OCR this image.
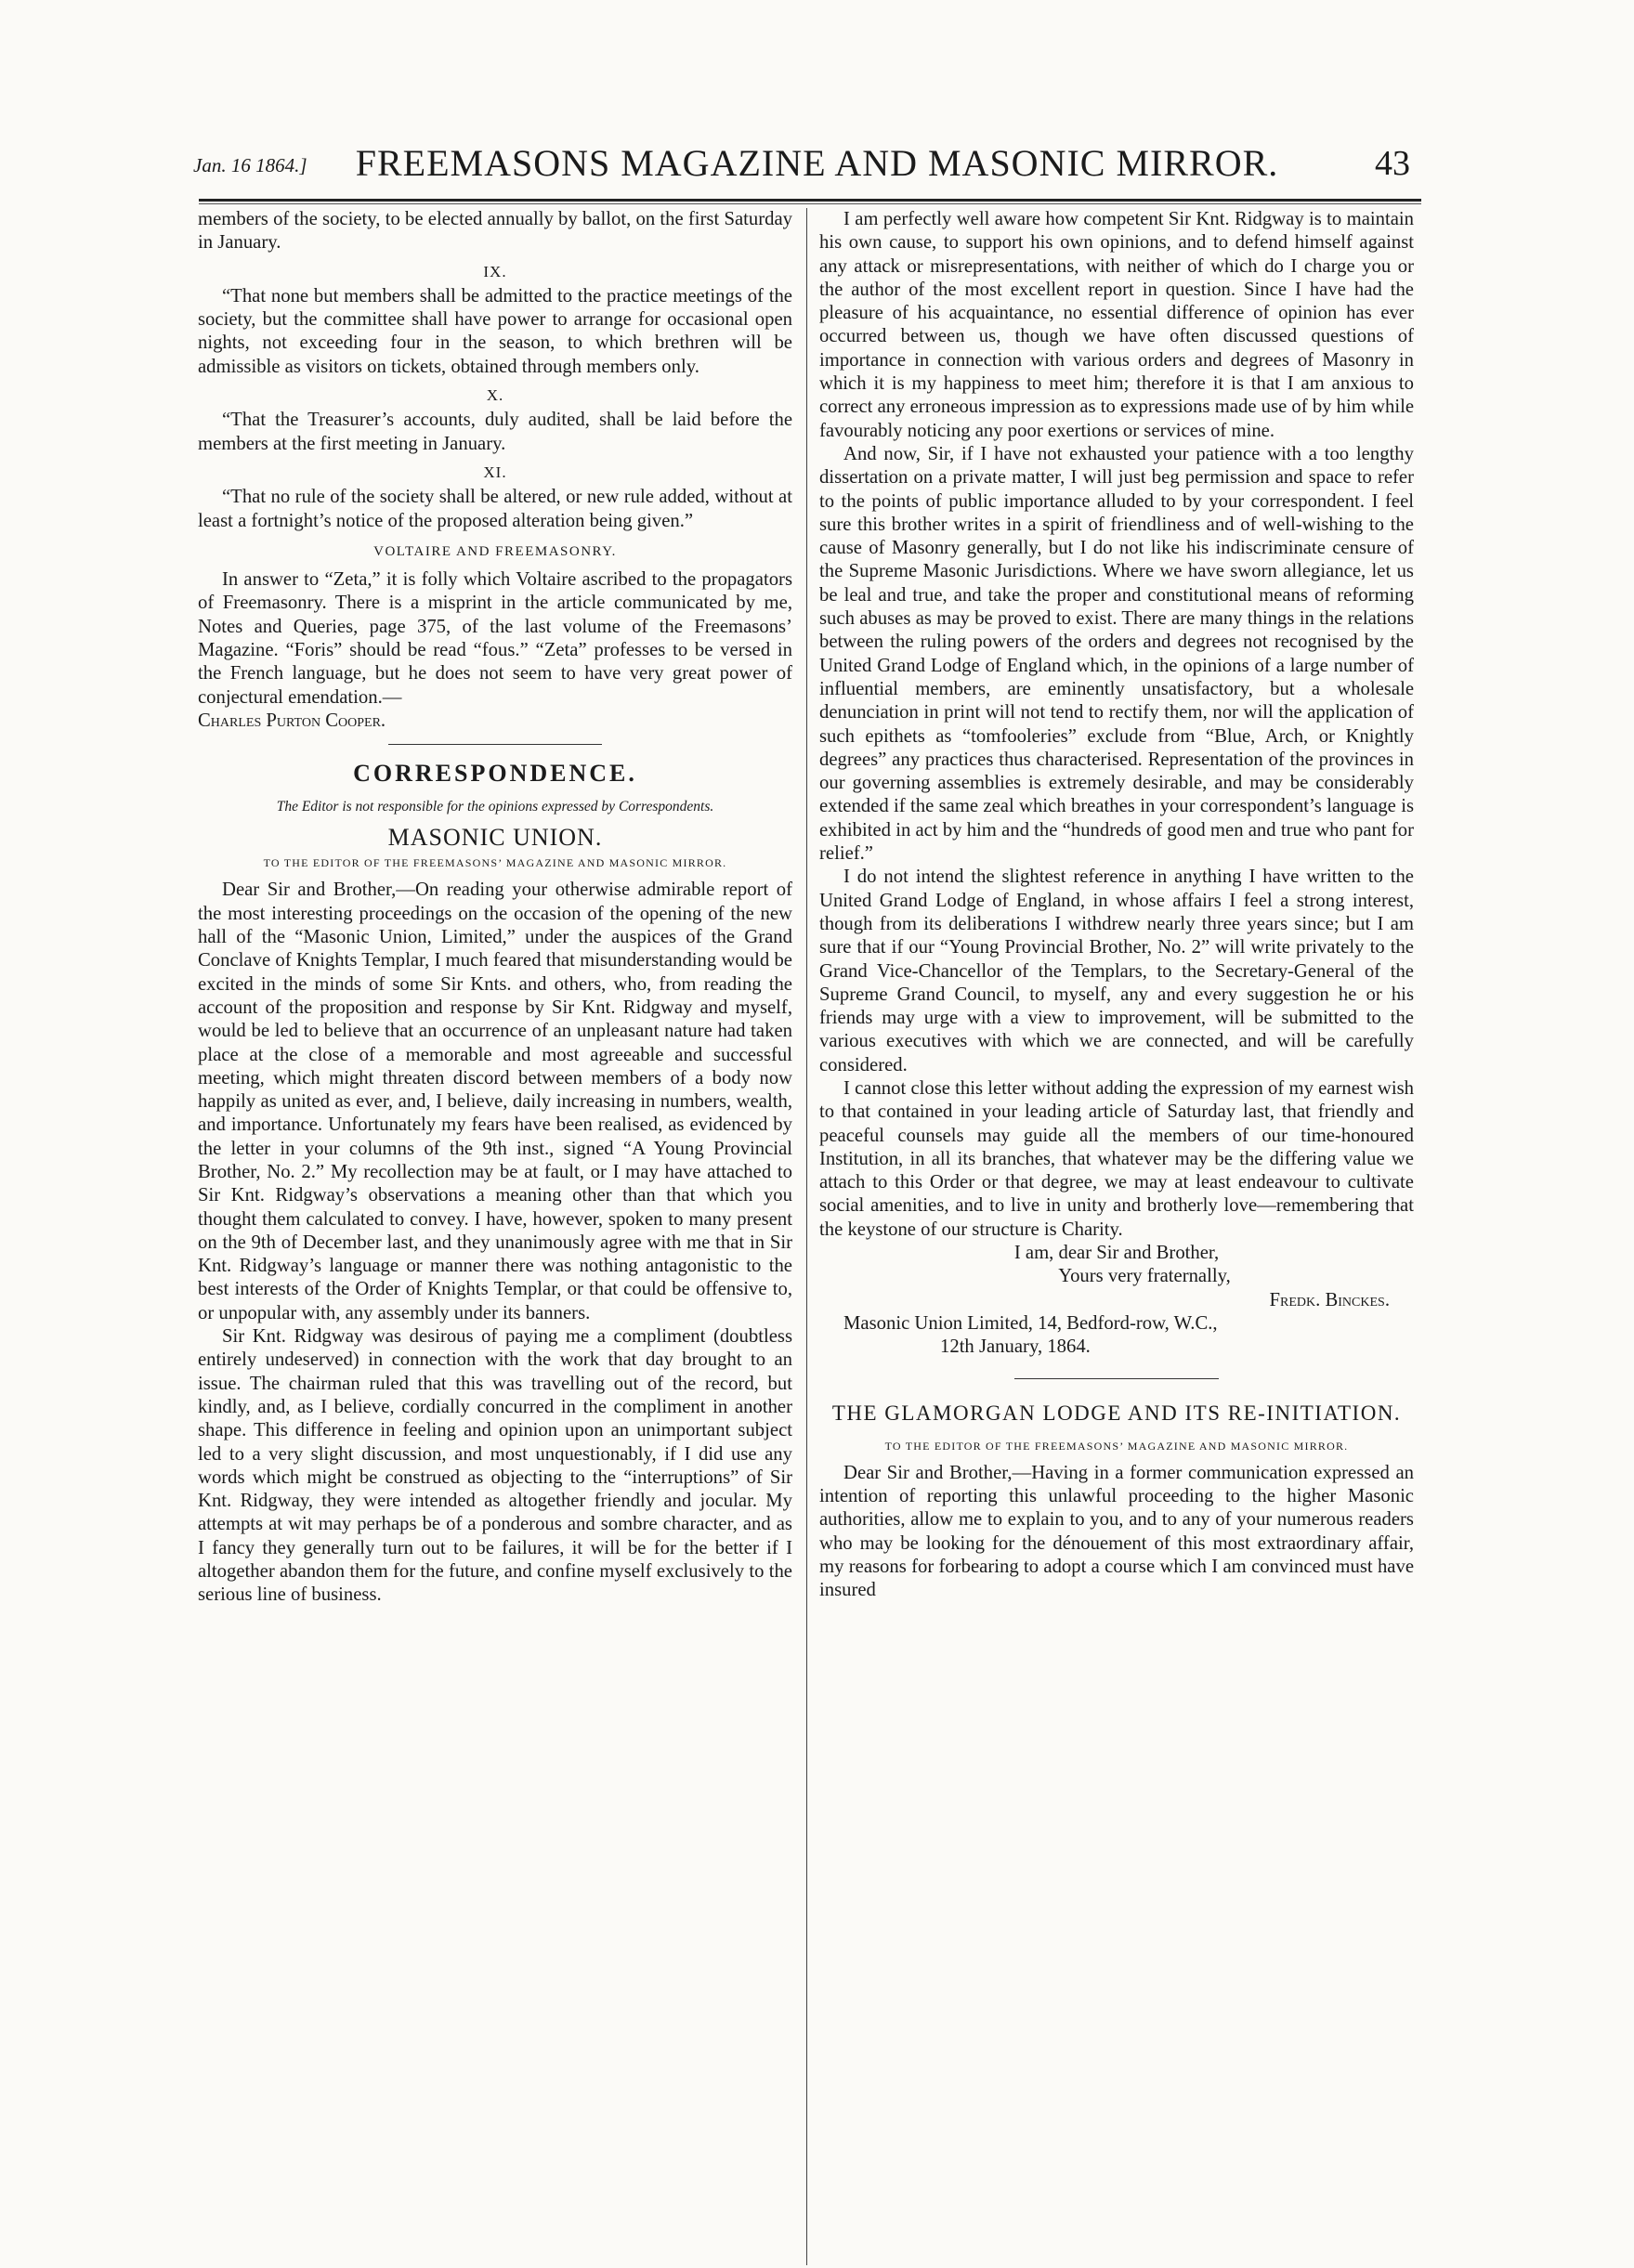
Jan. 16 1864.]	FREEMASONS MAGAZINE AND MASONIC MIRROR.	43

members of the society, to be elected annually by ballot, on the first Saturday in January.

IX.

“That none but members shall be admitted to the practice meetings of the society, but the committee shall have power to arrange for occasional open nights, not exceeding four in the season, to which brethren will be admissible as visitors on tickets, obtained through members only.

X.

“That the Treasurer’s accounts, duly audited, shall be laid before the members at the first meeting in January.

XI.

“That no rule of the society shall be altered, or new rule added, without at least a fortnight’s notice of the proposed alteration being given.”

VOLTAIRE AND FREEMASONRY.

In answer to “Zeta,” it is folly which Voltaire ascribed to the propagators of Freemasonry. There is a misprint in the article communicated by me, Notes and Queries, page 375, of the last volume of the Freemasons’ Magazine. “Foris” should be read “fous.” “Zeta” professes to be versed in the French language, but he does not seem to have very great power of conjectural emendation.—

Charles Purton Cooper.

CORRESPONDENCE.
The Editor is not responsible for the opinions expressed by Correspondents.
MASONIC UNION.
TO THE EDITOR OF THE FREEMASONS’ MAGAZINE AND MASONIC MIRROR.

Dear Sir and Brother,—On reading your otherwise admirable report of the most interesting proceedings on the occasion of the opening of the new hall of the “Masonic Union, Limited,” under the auspices of the Grand Conclave of Knights Templar, I much feared that misunderstanding would be excited in the minds of some Sir Knts. and others, who, from reading the account of the proposition and response by Sir Knt. Ridgway and myself, would be led to believe that an occurrence of an unpleasant nature had taken place at the close of a memorable and most agreeable and successful meeting, which might threaten discord between members of a body now happily as united as ever, and, I believe, daily increasing in numbers, wealth, and importance. Unfortunately my fears have been realised, as evidenced by the letter in your columns of the 9th inst., signed “A Young Provincial Brother, No. 2.” My recollection may be at fault, or I may have attached to Sir Knt. Ridgway’s observations a meaning other than that which you thought them calculated to convey. I have, however, spoken to many present on the 9th of December last, and they unanimously agree with me that in Sir Knt. Ridgway’s language or manner there was nothing antagonistic to the best interests of the Order of Knights Templar, or that could be offensive to, or unpopular with, any assembly under its banners.

Sir Knt. Ridgway was desirous of paying me a compliment (doubtless entirely undeserved) in connection with the work that day brought to an issue. The chairman ruled that this was travelling out of the record, but kindly, and, as I believe, cordially concurred in the compliment in another shape. This difference in feeling and opinion upon an unimportant subject led to a very slight discussion, and most unquestionably, if I did use any words which might be construed as objecting to the “interruptions” of Sir Knt. Ridgway, they were intended as altogether friendly and jocular. My attempts at wit may perhaps be of a ponderous and sombre character, and as I fancy they generally turn out to be failures, it will be for the better if I altogether abandon them for the future, and confine myself exclusively to the serious line of business.

I am perfectly well aware how competent Sir Knt. Ridgway is to maintain his own cause, to support his own opinions, and to defend himself against any attack or misrepresentations, with neither of which do I charge you or the author of the most excellent report in question. Since I have had the pleasure of his acquaintance, no essential difference of opinion has ever occurred between us, though we have often discussed questions of importance in connection with various orders and degrees of Masonry in which it is my happiness to meet him; therefore it is that I am anxious to correct any erroneous impression as to expressions made use of by him while favourably noticing any poor exertions or services of mine.

And now, Sir, if I have not exhausted your patience with a too lengthy dissertation on a private matter, I will just beg permission and space to refer to the points of public importance alluded to by your correspondent. I feel sure this brother writes in a spirit of friendliness and of well-wishing to the cause of Masonry generally, but I do not like his indiscriminate censure of the Supreme Masonic Jurisdictions. Where we have sworn allegiance, let us be leal and true, and take the proper and constitutional means of reforming such abuses as may be proved to exist. There are many things in the relations between the ruling powers of the orders and degrees not recognised by the United Grand Lodge of England which, in the opinions of a large number of influential members, are eminently unsatisfactory, but a wholesale denunciation in print will not tend to rectify them, nor will the application of such epithets as “tomfooleries” exclude from “Blue, Arch, or Knightly degrees” any practices thus characterised. Representation of the provinces in our governing assemblies is extremely desirable, and may be considerably extended if the same zeal which breathes in your correspondent’s language is exhibited in act by him and the “hundreds of good men and true who pant for relief.”

I do not intend the slightest reference in anything I have written to the United Grand Lodge of England, in whose affairs I feel a strong interest, though from its deliberations I withdrew nearly three years since; but I am sure that if our “Young Provincial Brother, No. 2” will write privately to the Grand Vice-Chancellor of the Templars, to the Secretary-General of the Supreme Grand Council, to myself, any and every suggestion he or his friends may urge with a view to improvement, will be submitted to the various executives with which we are connected, and will be carefully considered.

I cannot close this letter without adding the expression of my earnest wish to that contained in your leading article of Saturday last, that friendly and peaceful counsels may guide all the members of our time-honoured Institution, in all its branches, that whatever may be the differing value we attach to this Order or that degree, we may at least endeavour to cultivate social amenities, and to live in unity and brotherly love—remembering that the keystone of our structure is Charity.

I am, dear Sir and Brother,
Yours very fraternally,
Fredk. Binckes.
Masonic Union Limited, 14, Bedford-row, W.C.,
12th January, 1864.
THE GLAMORGAN LODGE AND ITS RE-INITIATION.
TO THE EDITOR OF THE FREEMASONS’ MAGAZINE AND MASONIC MIRROR.

Dear Sir and Brother,—Having in a former communication expressed an intention of reporting this unlawful proceeding to the higher Masonic authorities, allow me to explain to you, and to any of your numerous readers who may be looking for the dénouement of this most extraordinary affair, my reasons for forbearing to adopt a course which I am convinced must have insured
